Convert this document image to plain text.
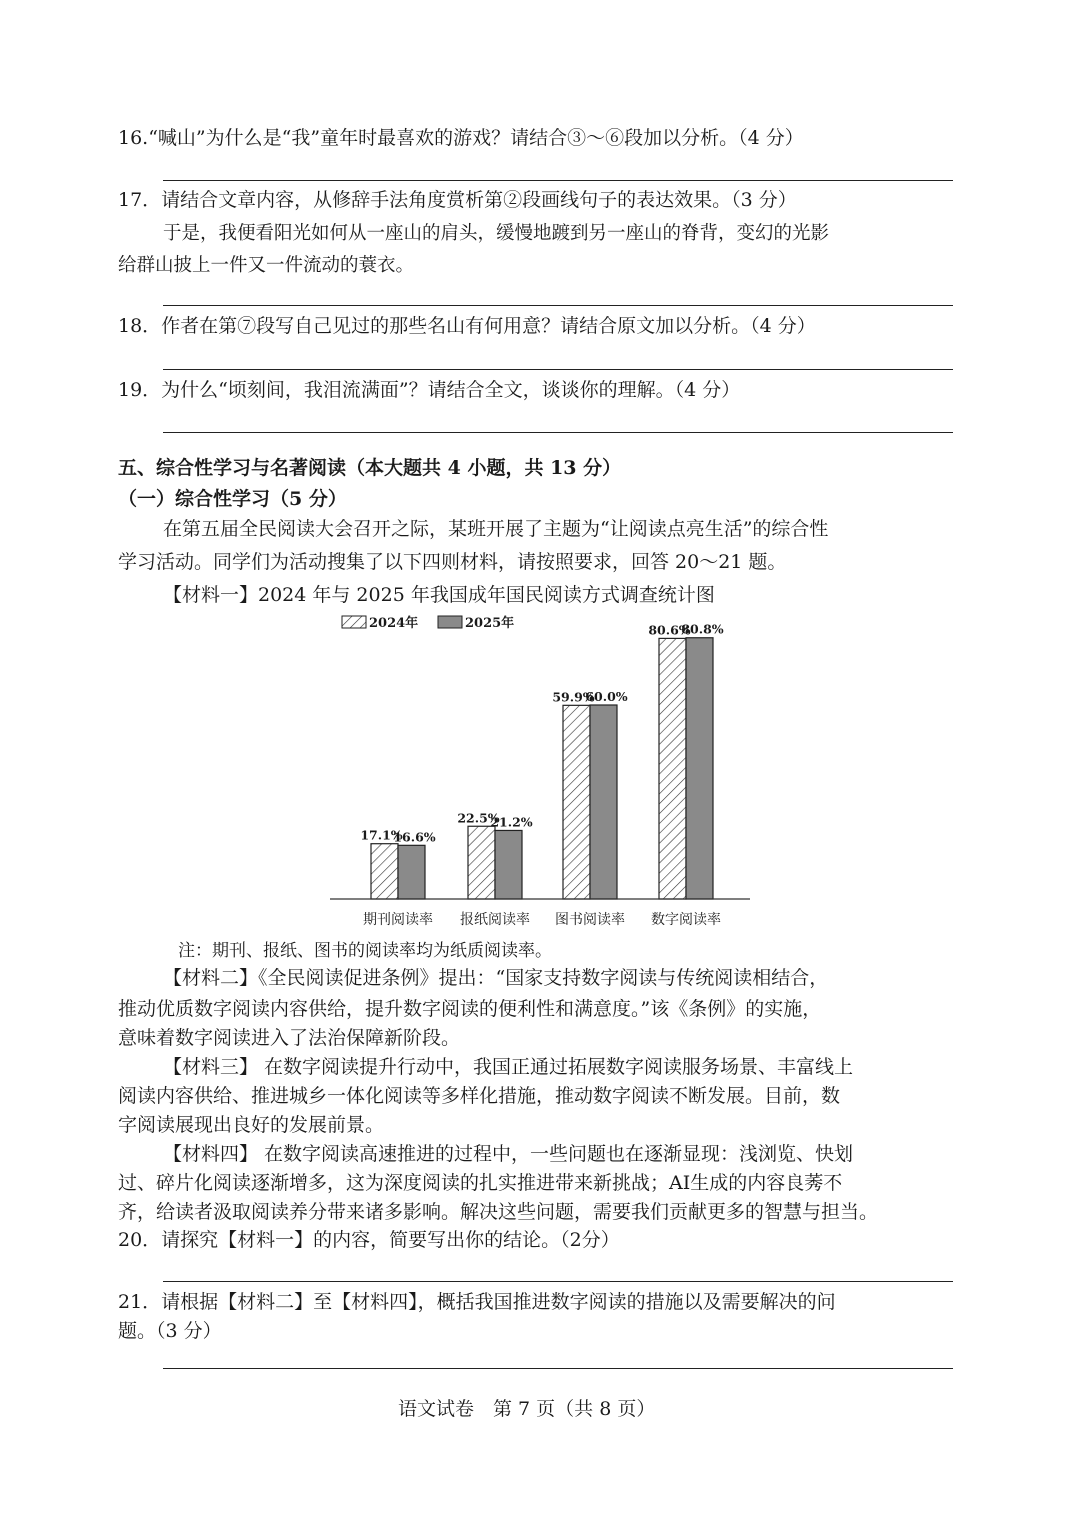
16.“喊山”为什么是“我”童年时最喜欢的游戏？请结合③～⑥段加以分析。（4 分）
17．请结合文章内容，从修辞手法角度赏析第②段画线句子的表达效果。（3 分）
于是，我便看阳光如何从一座山的肩头，缓慢地踱到另一座山的脊背，变幻的光影
给群山披上一件又一件流动的蓑衣。
18．作者在第⑦段写自己见过的那些名山有何用意？请结合原文加以分析。（4 分）
19．为什么“顷刻间，我泪流满面”？请结合全文，谈谈你的理解。（4 分）
五、综合性学习与名著阅读（本大题共 4 小题，共 13 分）
（一）综合性学习（5 分）
在第五届全民阅读大会召开之际，某班开展了主题为“让阅读点亮生活”的综合性
学习活动。同学们为活动搜集了以下四则材料，请按照要求，回答 20～21 题。
【材料一】2024 年与 2025 年我国成年国民阅读方式调查统计图
2024年	2025年
17.1%
16.6%
22.5%
21.2%
59.9%
60.0%
80.6%
80.8%
期刊阅读率 报纸阅读率 图书阅读率 数字阅读率
注：期刊、报纸、图书的阅读率均为纸质阅读率。
【材料二】《全民阅读促进条例》提出：“国家支持数字阅读与传统阅读相结合，
推动优质数字阅读内容供给，提升数字阅读的便利性和满意度。”该《条例》的实施，
意味着数字阅读进入了法治保障新阶段。
【材料三】 在数字阅读提升行动中，我国正通过拓展数字阅读服务场景、丰富线上
阅读内容供给、推进城乡一体化阅读等多样化措施，推动数字阅读不断发展。目前，数
字阅读展现出良好的发展前景。
【材料四】 在数字阅读高速推进的过程中，一些问题也在逐渐显现：浅浏览、快划
过、碎片化阅读逐渐增多，这为深度阅读的扎实推进带来新挑战；AI生成的内容良莠不
齐，给读者汲取阅读养分带来诸多影响。解决这些问题，需要我们贡献更多的智慧与担当。
20．请探究【材料一】的内容，简要写出你的结论。（2分）
21．请根据【材料二】至【材料四】，概括我国推进数字阅读的措施以及需要解决的问
题。（3 分）
语文试卷　第 7 页（共 8 页）
